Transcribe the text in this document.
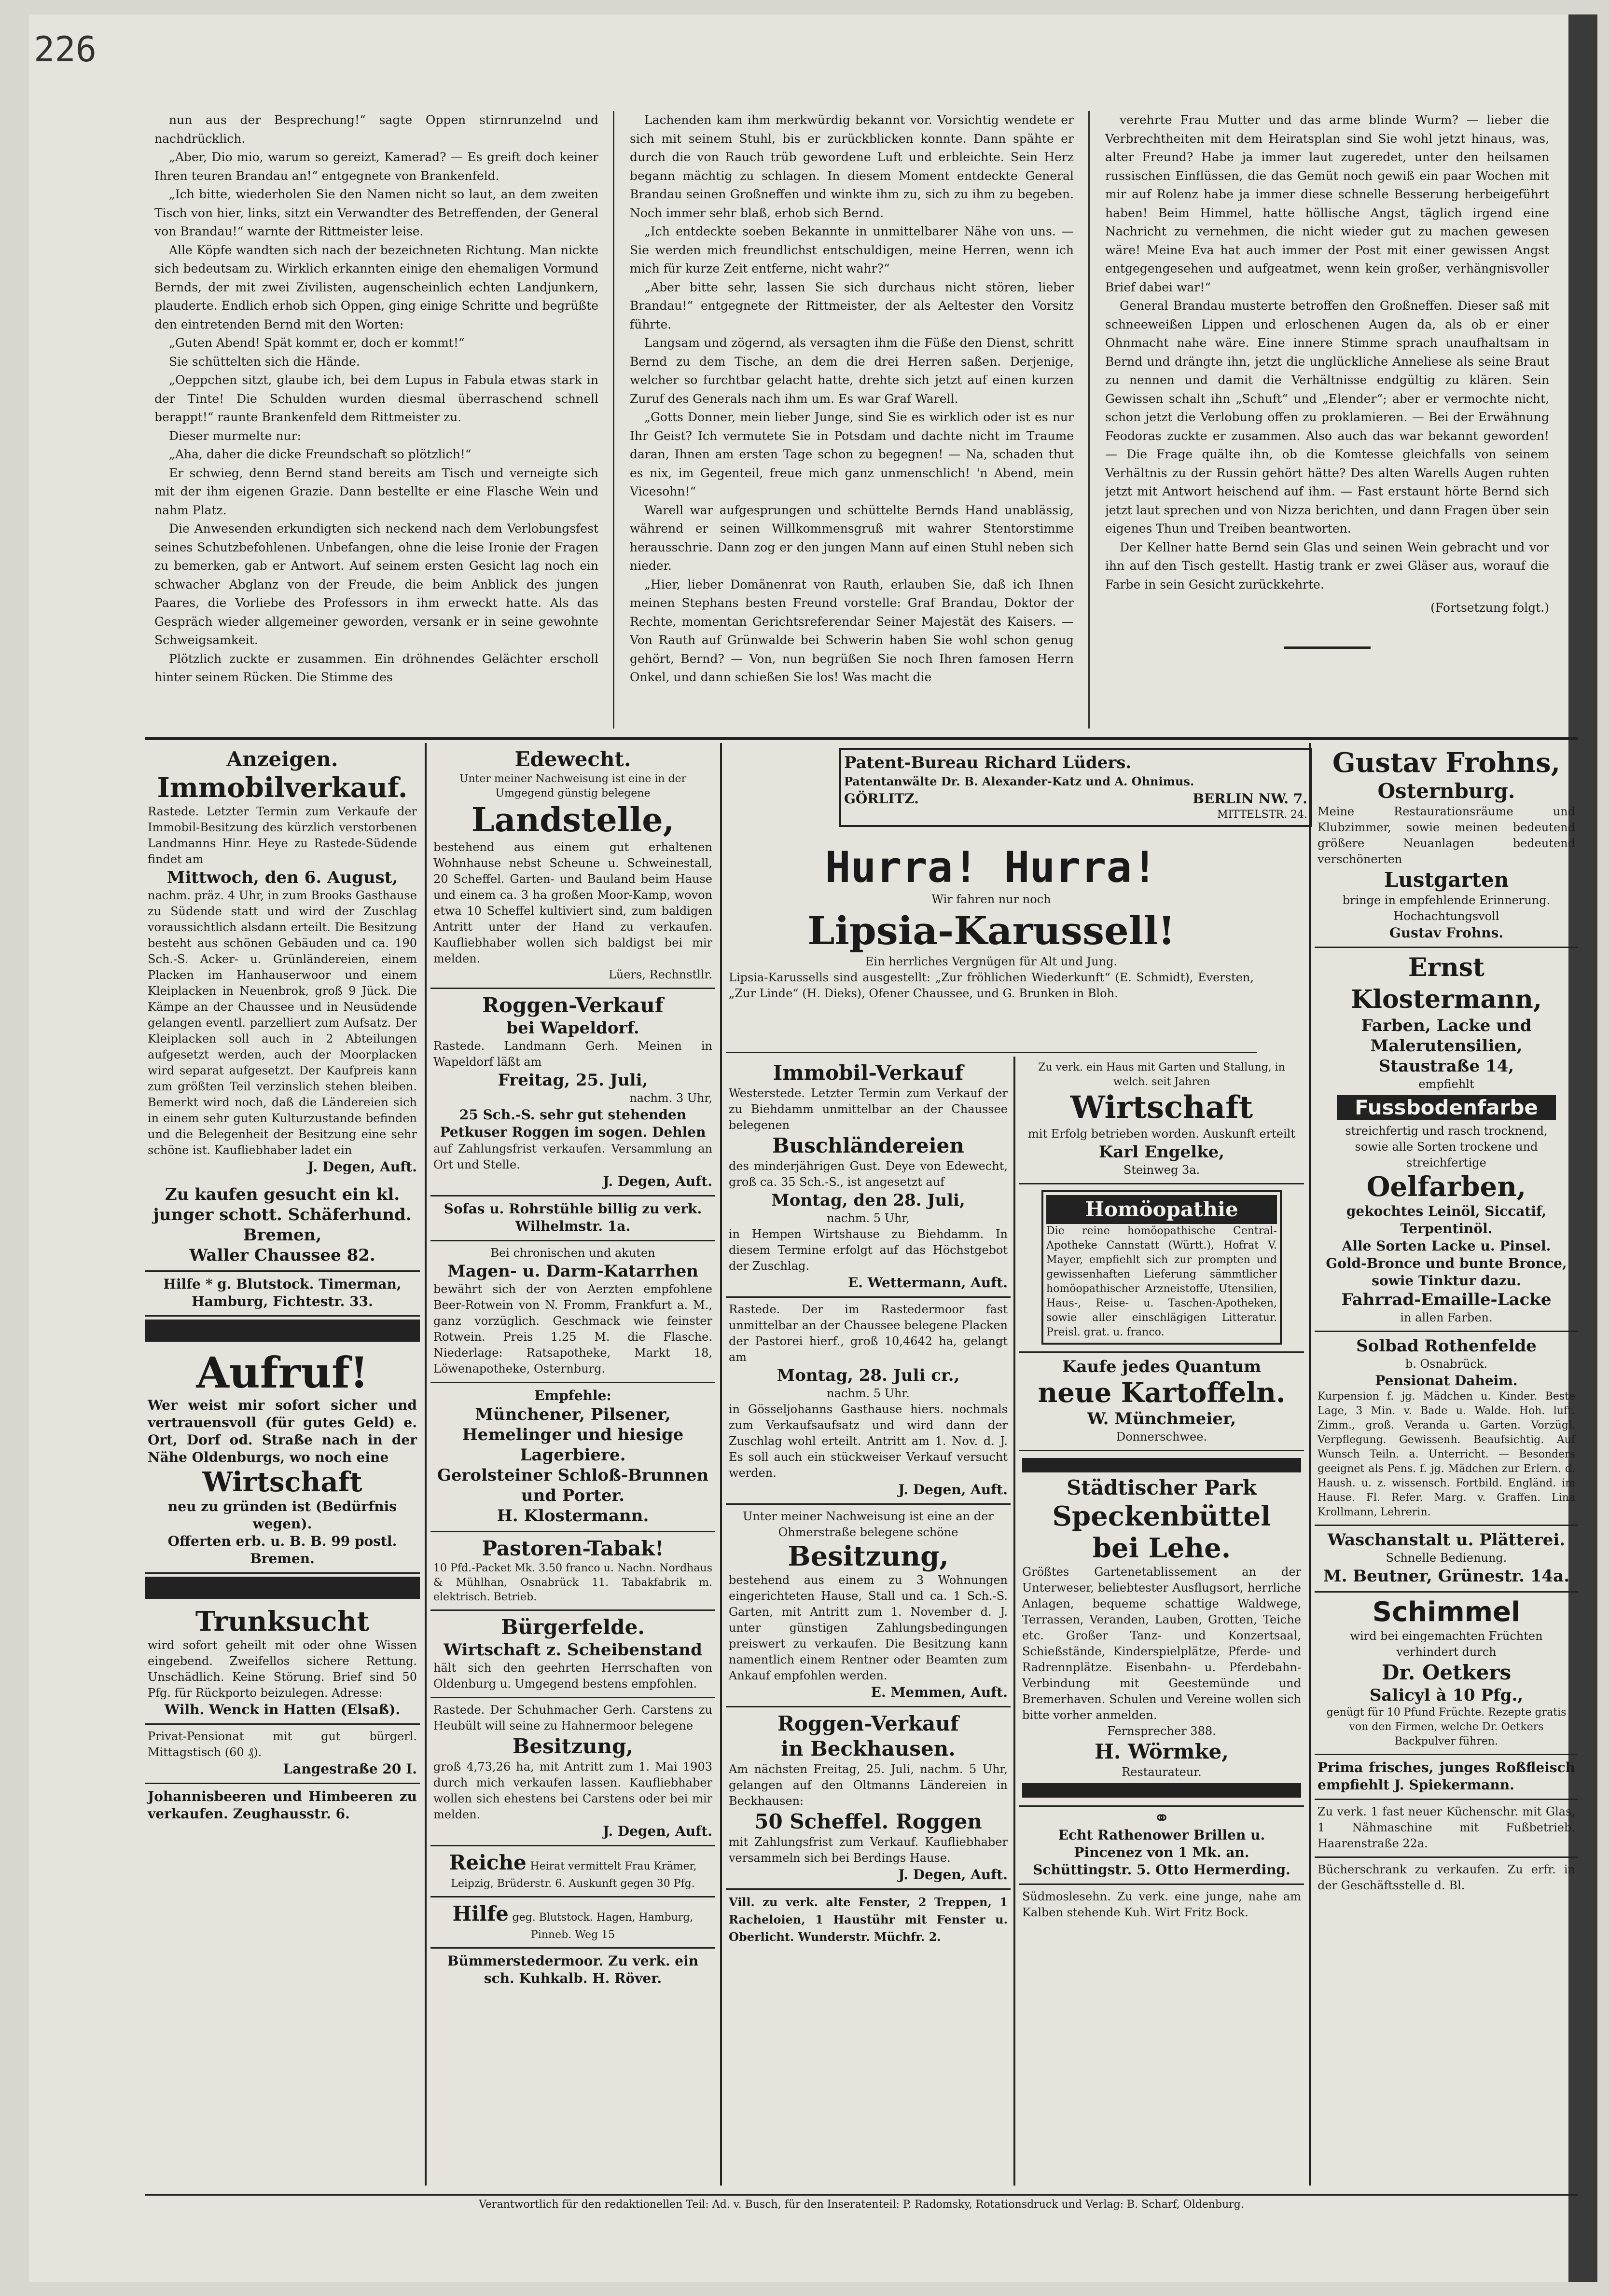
226

nun aus der Besprechung!“ sagte Oppen stirnrunzelnd und nachdrücklich.

„Aber, Dio mio, warum so gereizt, Kamerad? — Es greift doch keiner Ihren teuren Brandau an!“ entgegnete von Brankenfeld.

„Ich bitte, wiederholen Sie den Namen nicht so laut, an dem zweiten Tisch von hier, links, sitzt ein Verwandter des Betreffenden, der General von Brandau!“ warnte der Rittmeister leise.

Alle Köpfe wandten sich nach der bezeichneten Richtung. Man nickte sich bedeutsam zu. Wirklich erkannten einige den ehemaligen Vormund Bernds, der mit zwei Zivilisten, augenscheinlich echten Landjunkern, plauderte. Endlich erhob sich Oppen, ging einige Schritte und begrüßte den eintretenden Bernd mit den Worten:

„Guten Abend! Spät kommt er, doch er kommt!“

Sie schüttelten sich die Hände.

„Oeppchen sitzt, glaube ich, bei dem Lupus in Fabula etwas stark in der Tinte! Die Schulden wurden diesmal überraschend schnell berappt!“ raunte Brankenfeld dem Rittmeister zu.

Dieser murmelte nur:

„Aha, daher die dicke Freundschaft so plötzlich!“

Er schwieg, denn Bernd stand bereits am Tisch und verneigte sich mit der ihm eigenen Grazie. Dann bestellte er eine Flasche Wein und nahm Platz.

Die Anwesenden erkundigten sich neckend nach dem Verlobungsfest seines Schutzbefohlenen. Unbefangen, ohne die leise Ironie der Fragen zu bemerken, gab er Antwort. Auf seinem ersten Gesicht lag noch ein schwacher Abglanz von der Freude, die beim Anblick des jungen Paares, die Vorliebe des Professors in ihm erweckt hatte. Als das Gespräch wieder allgemeiner geworden, versank er in seine gewohnte Schweigsamkeit.

Plötzlich zuckte er zusammen. Ein dröhnendes Gelächter erscholl hinter seinem Rücken. Die Stimme des

Lachenden kam ihm merkwürdig bekannt vor. Vorsichtig wendete er sich mit seinem Stuhl, bis er zurückblicken konnte. Dann spähte er durch die von Rauch trüb gewordene Luft und erbleichte. Sein Herz begann mächtig zu schlagen. In diesem Moment entdeckte General Brandau seinen Großneffen und winkte ihm zu, sich zu ihm zu begeben. Noch immer sehr blaß, erhob sich Bernd.

„Ich entdeckte soeben Bekannte in unmittelbarer Nähe von uns. — Sie werden mich freundlichst entschuldigen, meine Herren, wenn ich mich für kurze Zeit entferne, nicht wahr?“

„Aber bitte sehr, lassen Sie sich durchaus nicht stören, lieber Brandau!“ entgegnete der Rittmeister, der als Aeltester den Vorsitz führte.

Langsam und zögernd, als versagten ihm die Füße den Dienst, schritt Bernd zu dem Tische, an dem die drei Herren saßen. Derjenige, welcher so furchtbar gelacht hatte, drehte sich jetzt auf einen kurzen Zuruf des Generals nach ihm um. Es war Graf Warell.

„Gotts Donner, mein lieber Junge, sind Sie es wirklich oder ist es nur Ihr Geist? Ich vermutete Sie in Potsdam und dachte nicht im Traume daran, Ihnen am ersten Tage schon zu begegnen! — Na, schaden thut es nix, im Gegenteil, freue mich ganz unmenschlich! 'n Abend, mein Vicesohn!“

Warell war aufgesprungen und schüttelte Bernds Hand unablässig, während er seinen Willkommensgruß mit wahrer Stentorstimme herausschrie. Dann zog er den jungen Mann auf einen Stuhl neben sich nieder.

„Hier, lieber Domänenrat von Rauth, erlauben Sie, daß ich Ihnen meinen Stephans besten Freund vorstelle: Graf Brandau, Doktor der Rechte, momentan Gerichtsreferendar Seiner Majestät des Kaisers. — Von Rauth auf Grünwalde bei Schwerin haben Sie wohl schon genug gehört, Bernd? — Von, nun begrüßen Sie noch Ihren famosen Herrn Onkel, und dann schießen Sie los! Was macht die

verehrte Frau Mutter und das arme blinde Wurm? — lieber die Verbrechtheiten mit dem Heiratsplan sind Sie wohl jetzt hinaus, was, alter Freund? Habe ja immer laut zugeredet, unter den heilsamen russischen Einflüssen, die das Gemüt noch gewiß ein paar Wochen mit mir auf Rolenz habe ja immer diese schnelle Besserung herbeigeführt haben! Beim Himmel, hatte höllische Angst, täglich irgend eine Nachricht zu vernehmen, die nicht wieder gut zu machen gewesen wäre! Meine Eva hat auch immer der Post mit einer gewissen Angst entgegengesehen und aufgeatmet, wenn kein großer, verhängnisvoller Brief dabei war!“

General Brandau musterte betroffen den Großneffen. Dieser saß mit schneeweißen Lippen und erloschenen Augen da, als ob er einer Ohnmacht nahe wäre. Eine innere Stimme sprach unaufhaltsam in Bernd und drängte ihn, jetzt die unglückliche Anneliese als seine Braut zu nennen und damit die Verhältnisse endgültig zu klären. Sein Gewissen schalt ihn „Schuft“ und „Elender“; aber er vermochte nicht, schon jetzt die Verlobung offen zu proklamieren. — Bei der Erwähnung Feodoras zuckte er zusammen. Also auch das war bekannt geworden! — Die Frage quälte ihn, ob die Komtesse gleichfalls von seinem Verhältnis zu der Russin gehört hätte? Des alten Warells Augen ruhten jetzt mit Antwort heischend auf ihm. — Fast erstaunt hörte Bernd sich jetzt laut sprechen und von Nizza berichten, und dann Fragen über sein eigenes Thun und Treiben beantworten.

Der Kellner hatte Bernd sein Glas und seinen Wein gebracht und vor ihn auf den Tisch gestellt. Hastig trank er zwei Gläser aus, worauf die Farbe in sein Gesicht zurückkehrte.

(Fortsetzung folgt.)

Anzeigen.
Immobilverkauf.
Rastede. Letzter Termin zum Verkaufe der Immobil-Besitzung des kürzlich verstorbenen Landmanns Hinr. Heye zu Rastede-Südende findet am
Mittwoch, den 6. August,
nachm. präz. 4 Uhr, in zum Brooks Gasthause zu Südende statt und wird der Zuschlag voraussichtlich alsdann erteilt. Die Besitzung besteht aus schönen Gebäuden und ca. 190 Sch.-S. Acker- u. Grünländereien, einem Placken im Hanhauserwoor und einem Kleiplacken in Neuenbrok, groß 9 Jück. Die Kämpe an der Chaussee und in Neusüdende gelangen eventl. parzelliert zum Aufsatz. Der Kleiplacken soll auch in 2 Abteilungen aufgesetzt werden, auch der Moorplacken wird separat aufgesetzt. Der Kaufpreis kann zum größten Teil verzinslich stehen bleiben. Bemerkt wird noch, daß die Ländereien sich in einem sehr guten Kulturzustande befinden und die Belegenheit der Besitzung eine sehr schöne ist. Kaufliebhaber ladet ein
J. Degen, Auft.
Zu kaufen gesucht ein kl. junger schott. Schäferhund.
Bremen,
Waller Chaussee 82.
Hilfe * g. Blutstock. Timerman, Hamburg, Fichtestr. 33.
Aufruf!
Wer weist mir sofort sicher und vertrauensvoll (für gutes Geld) e. Ort, Dorf od. Straße nach in der Nähe Oldenburgs, wo noch eine
Wirtschaft
neu zu gründen ist (Bedürfnis wegen).
Offerten erb. u. B. B. 99 postl. Bremen.
Trunksucht
wird sofort geheilt mit oder ohne Wissen eingebend. Zweifellos sichere Rettung. Unschädlich. Keine Störung. Brief sind 50 Pfg. für Rückporto beizulegen. Adresse:
Wilh. Wenck in Hatten (Elsaß).
Privat-Pensionat mit gut bürgerl. Mittagstisch (60 ₰).
Langestraße 20 I.
Johannisbeeren und Himbeeren zu verkaufen. Zeughausstr. 6.
Edewecht.
Unter meiner Nachweisung ist eine in der Umgegend günstig belegene
Landstelle,
bestehend aus einem gut erhaltenen Wohnhause nebst Scheune u. Schweinestall, 20 Scheffel. Garten- und Bauland beim Hause und einem ca. 3 ha großen Moor-Kamp, wovon etwa 10 Scheffel kultiviert sind, zum baldigen Antritt unter der Hand zu verkaufen. Kaufliebhaber wollen sich baldigst bei mir melden.
Lüers, Rechnstllr.
Roggen-Verkauf
bei Wapeldorf.
Rastede. Landmann Gerh. Meinen in Wapeldorf läßt am
Freitag, 25. Juli,
nachm. 3 Uhr,
25 Sch.-S. sehr gut stehenden Petkuser Roggen im sogen. Dehlen
auf Zahlungsfrist verkaufen. Versammlung an Ort und Stelle.
J. Degen, Auft.
Sofas u. Rohrstühle billig zu verk. Wilhelmstr. 1a.
Bei chronischen und akuten
Magen- u. Darm-Katarrhen
bewährt sich der von Aerzten empfohlene Beer-Rotwein von N. Fromm, Frankfurt a. M., ganz vorzüglich. Geschmack wie feinster Rotwein. Preis 1.25 M. die Flasche. Niederlage: Ratsapotheke, Markt 18, Löwenapotheke, Osternburg.
Empfehle:
Münchener, Pilsener, Hemelinger und hiesige Lagerbiere.
Gerolsteiner Schloß-Brunnen und Porter.
H. Klostermann.
Pastoren-Tabak!
10 Pfd.-Packet Mk. 3.50 franco u. Nachn. Nordhaus & Mühlhan, Osnabrück 11. Tabakfabrik m. elektrisch. Betrieb.
Bürgerfelde.
Wirtschaft z. Scheibenstand
hält sich den geehrten Herrschaften von Oldenburg u. Umgegend bestens empfohlen.
Rastede. Der Schuhmacher Gerh. Carstens zu Heubült will seine zu Hahnermoor belegene
Besitzung,
groß 4,73,26 ha, mit Antritt zum 1. Mai 1903 durch mich verkaufen lassen. Kaufliebhaber wollen sich ehestens bei Carstens oder bei mir melden.
J. Degen, Auft.
Reiche Heirat vermittelt Frau Krämer, Leipzig, Brüderstr. 6. Auskunft gegen 30 Pfg.
Hilfe geg. Blutstock. Hagen, Hamburg, Pinneb. Weg 15
Bümmerstedermoor. Zu verk. ein sch. Kuhkalb. H. Röver.
Patent-Bureau Richard Lüders.
Patentanwälte Dr. B. Alexander-Katz und A. Ohnimus.
GÖRLITZ.	BERLIN NW. 7.
MITTELSTR. 24.
Hurra! Hurra!
Wir fahren nur noch
Lipsia-Karussell!
Ein herrliches Vergnügen für Alt und Jung.
Lipsia-Karussells sind ausgestellt: „Zur fröhlichen Wiederkunft“ (E. Schmidt), Eversten, „Zur Linde“ (H. Dieks), Ofener Chaussee, und G. Brunken in Bloh.
Immobil-Verkauf
Westerstede. Letzter Termin zum Verkauf der zu Biehdamm unmittelbar an der Chaussee belegenen
Buschländereien
des minderjährigen Gust. Deye von Edewecht, groß ca. 35 Sch.-S., ist angesetzt auf
Montag, den 28. Juli,
nachm. 5 Uhr,
in Hempen Wirtshause zu Biehdamm. In diesem Termine erfolgt auf das Höchstgebot der Zuschlag.
E. Wettermann, Auft.
Rastede. Der im Rastedermoor fast unmittelbar an der Chaussee belegene Placken der Pastorei hierf., groß 10,4642 ha, gelangt am
Montag, 28. Juli cr.,
nachm. 5 Uhr.
in Gösseljohanns Gasthause hiers. nochmals zum Verkaufsaufsatz und wird dann der Zuschlag wohl erteilt. Antritt am 1. Nov. d. J. Es soll auch ein stückweiser Verkauf versucht werden.
J. Degen, Auft.
Unter meiner Nachweisung ist eine an der Ohmerstraße belegene schöne
Besitzung,
bestehend aus einem zu 3 Wohnungen eingerichteten Hause, Stall und ca. 1 Sch.-S. Garten, mit Antritt zum 1. November d. J. unter günstigen Zahlungsbedingungen preiswert zu verkaufen. Die Besitzung kann namentlich einem Rentner oder Beamten zum Ankauf empfohlen werden.
E. Memmen, Auft.
Roggen-Verkauf
in Beckhausen.
Am nächsten Freitag, 25. Juli, nachm. 5 Uhr, gelangen auf den Oltmanns Ländereien in Beckhausen:
50 Scheffel. Roggen
mit Zahlungsfrist zum Verkauf. Kaufliebhaber versammeln sich bei Berdings Hause.
J. Degen, Auft.
Vill. zu verk. alte Fenster, 2 Treppen, 1 Racheloien, 1 Haustühr mit Fenster u. Oberlicht. Wunderstr. Müchfr. 2.
Zu verk. ein Haus mit Garten und Stallung, in welch. seit Jahren
Wirtschaft
mit Erfolg betrieben worden. Auskunft erteilt
Karl Engelke,
Steinweg 3a.
Homöopathie
Die reine homöopathische Central-Apotheke Cannstatt (Württ.), Hofrat V. Mayer, empfiehlt sich zur prompten und gewissenhaften Lieferung sämmtlicher homöopathischer Arzneistoffe, Utensilien, Haus-, Reise- u. Taschen-Apotheken, sowie aller einschlägigen Litteratur. Preisl. grat. u. franco.
Kaufe jedes Quantum
neue Kartoffeln.
W. Münchmeier,
Donnerschwee.
Städtischer Park
Speckenbüttel
bei Lehe.
Größtes Gartenetablissement an der Unterweser, beliebtester Ausflugsort, herrliche Anlagen, bequeme schattige Waldwege, Terrassen, Veranden, Lauben, Grotten, Teiche etc. Großer Tanz- und Konzertsaal, Schießstände, Kinderspielplätze, Pferde- und Radrennplätze. Eisenbahn- u. Pferdebahn-Verbindung mit Geestemünde und Bremerhaven. Schulen und Vereine wollen sich bitte vorher anmelden.
Fernsprecher 388.
H. Wörmke,
Restaurateur.
⚭
Echt Rathenower Brillen u. Pincenez von 1 Mk. an.
Schüttingstr. 5. Otto Hermerding.
Südmoslesehn. Zu verk. eine junge, nahe am Kalben stehende Kuh. Wirt Fritz Bock.
Gustav Frohns,
Osternburg.
Meine Restaurationsräume und Klubzimmer, sowie meinen bedeutend größere Neuanlagen bedeutend verschönerten
Lustgarten
bringe in empfehlende Erinnerung. Hochachtungsvoll
Gustav Frohns.
Ernst Klostermann,
Farben, Lacke und Malerutensilien,
Staustraße 14,
empfiehlt
Fussbodenfarbe
streichfertig und rasch trocknend,
sowie alle Sorten trockene und streichfertige
Oelfarben,
gekochtes Leinöl, Siccatif, Terpentinöl.
Alle Sorten Lacke u. Pinsel.
Gold-Bronce und bunte Bronce, sowie Tinktur dazu.
Fahrrad-Emaille-Lacke
in allen Farben.
Solbad Rothenfelde
b. Osnabrück.
Pensionat Daheim.
Kurpension f. jg. Mädchen u. Kinder. Beste Lage, 3 Min. v. Bade u. Walde. Hoh. luft. Zimm., groß. Veranda u. Garten. Vorzügl. Verpflegung. Gewissenh. Beaufsichtig. Auf Wunsch Teiln. a. Unterricht. — Besonders geeignet als Pens. f. jg. Mädchen zur Erlern. d. Haush. u. z. wissensch. Fortbild. Engländ. im Hause. Fl. Refer. Marg. v. Graffen. Lina Krollmann, Lehrerin.
Waschanstalt u. Plätterei.
Schnelle Bedienung.
M. Beutner, Grünestr. 14a.
Schimmel
wird bei eingemachten Früchten verhindert durch
Dr. Oetkers
Salicyl à 10 Pfg.,
genügt für 10 Pfund Früchte. Rezepte gratis von den Firmen, welche Dr. Oetkers Backpulver führen.
Prima frisches, junges Roßfleisch empfiehlt J. Spiekermann.
Zu verk. 1 fast neuer Küchenschr. mit Glas, 1 Nähmaschine mit Fußbetrieb. Haarenstraße 22a.
Bücherschrank zu verkaufen. Zu erfr. in der Geschäftsstelle d. Bl.
Verantwortlich für den redaktionellen Teil: Ad. v. Busch, für den Inseratenteil: P. Radomsky, Rotationsdruck und Verlag: B. Scharf, Oldenburg.
